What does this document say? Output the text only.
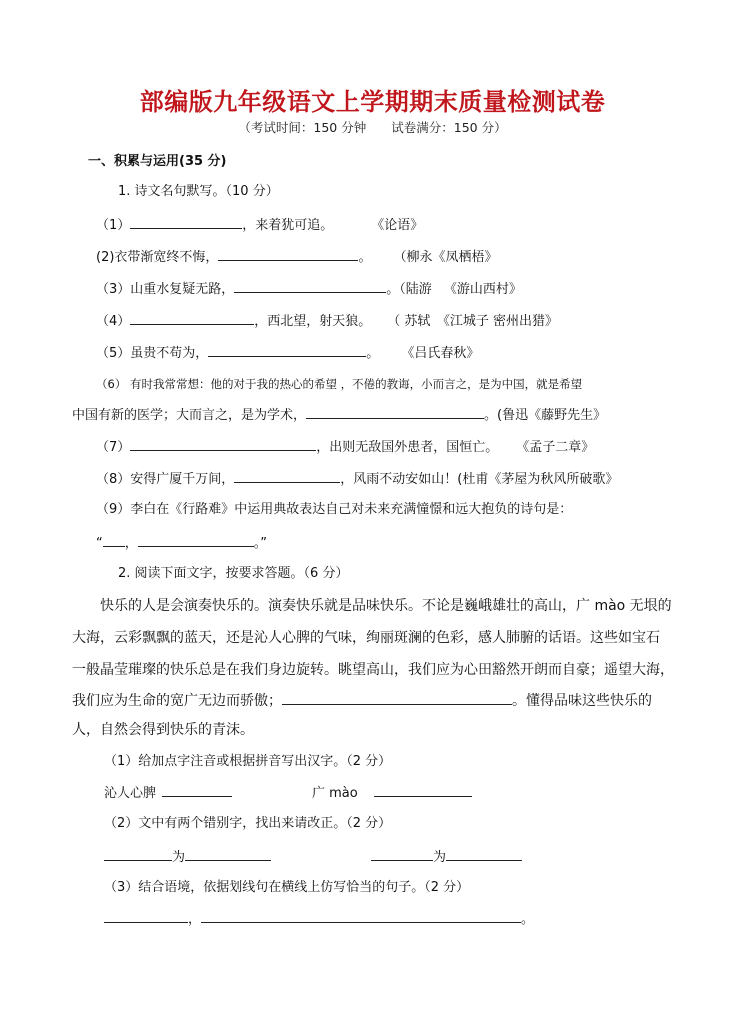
部编版九年级语文上学期期末质量检测试卷
（考试时间：150 分钟　　试卷满分：150 分）
一、积累与运用(35 分)
1. 诗文名句默写。（10 分）
（1）	，来着犹可追。	《论语》
(2)衣带渐宽终不悔，	。 （柳永《凤栖梧》
（3）山重水复疑无路，	。（陆游 《游山西村》
（4）	，西北望，射天狼。 （ 苏轼　《江城子 密州出猎》
（5）虽贵不苟为，	。 《吕氏春秋》
（6） 有时我常常想：他的对于我的热心的希望 ，不倦的教诲，小而言之，是为中国，就是希望
中国有新的医学；大而言之，是为学术，	。(鲁迅《藤野先生》
（7）	，出则无敌国外患者，国恒亡。 《孟子二章》
（8）安得广厦千万间，	，风雨不动安如山！(杜甫《茅屋为秋风所破歌》
（9）李白在《行路难》中运用典故表达自己对未来充满憧憬和远大抱负的诗句是：
“ ，	。”
2. 阅读下面文字，按要求答题。（6 分）
快乐的人是会演奏快乐的。演奏快乐就是品味快乐。不论是巍峨雄壮的高山，广 mào 无垠的
大海，云彩飘飘的蓝天，还是沁人心脾的气味，绚丽斑澜的色彩，感人肺腑的话语。这些如宝石
一般晶莹璀璨的快乐总是在我们身边旋转。眺望高山，我们应为心田豁然开朗而自豪；遥望大海，
我们应为生命的宽广无边而骄傲；	。懂得品味这些快乐的
人，自然会得到快乐的青沫。
（1）给加点字注音或根据拼音写出汉字。（2 分）
沁人心脾	广 mào
（2）文中有两个错别字，找出来请改正。（2 分）
为	为
（3）结合语境，依据划线句在横线上仿写恰当的句子。（2 分）
，	。
